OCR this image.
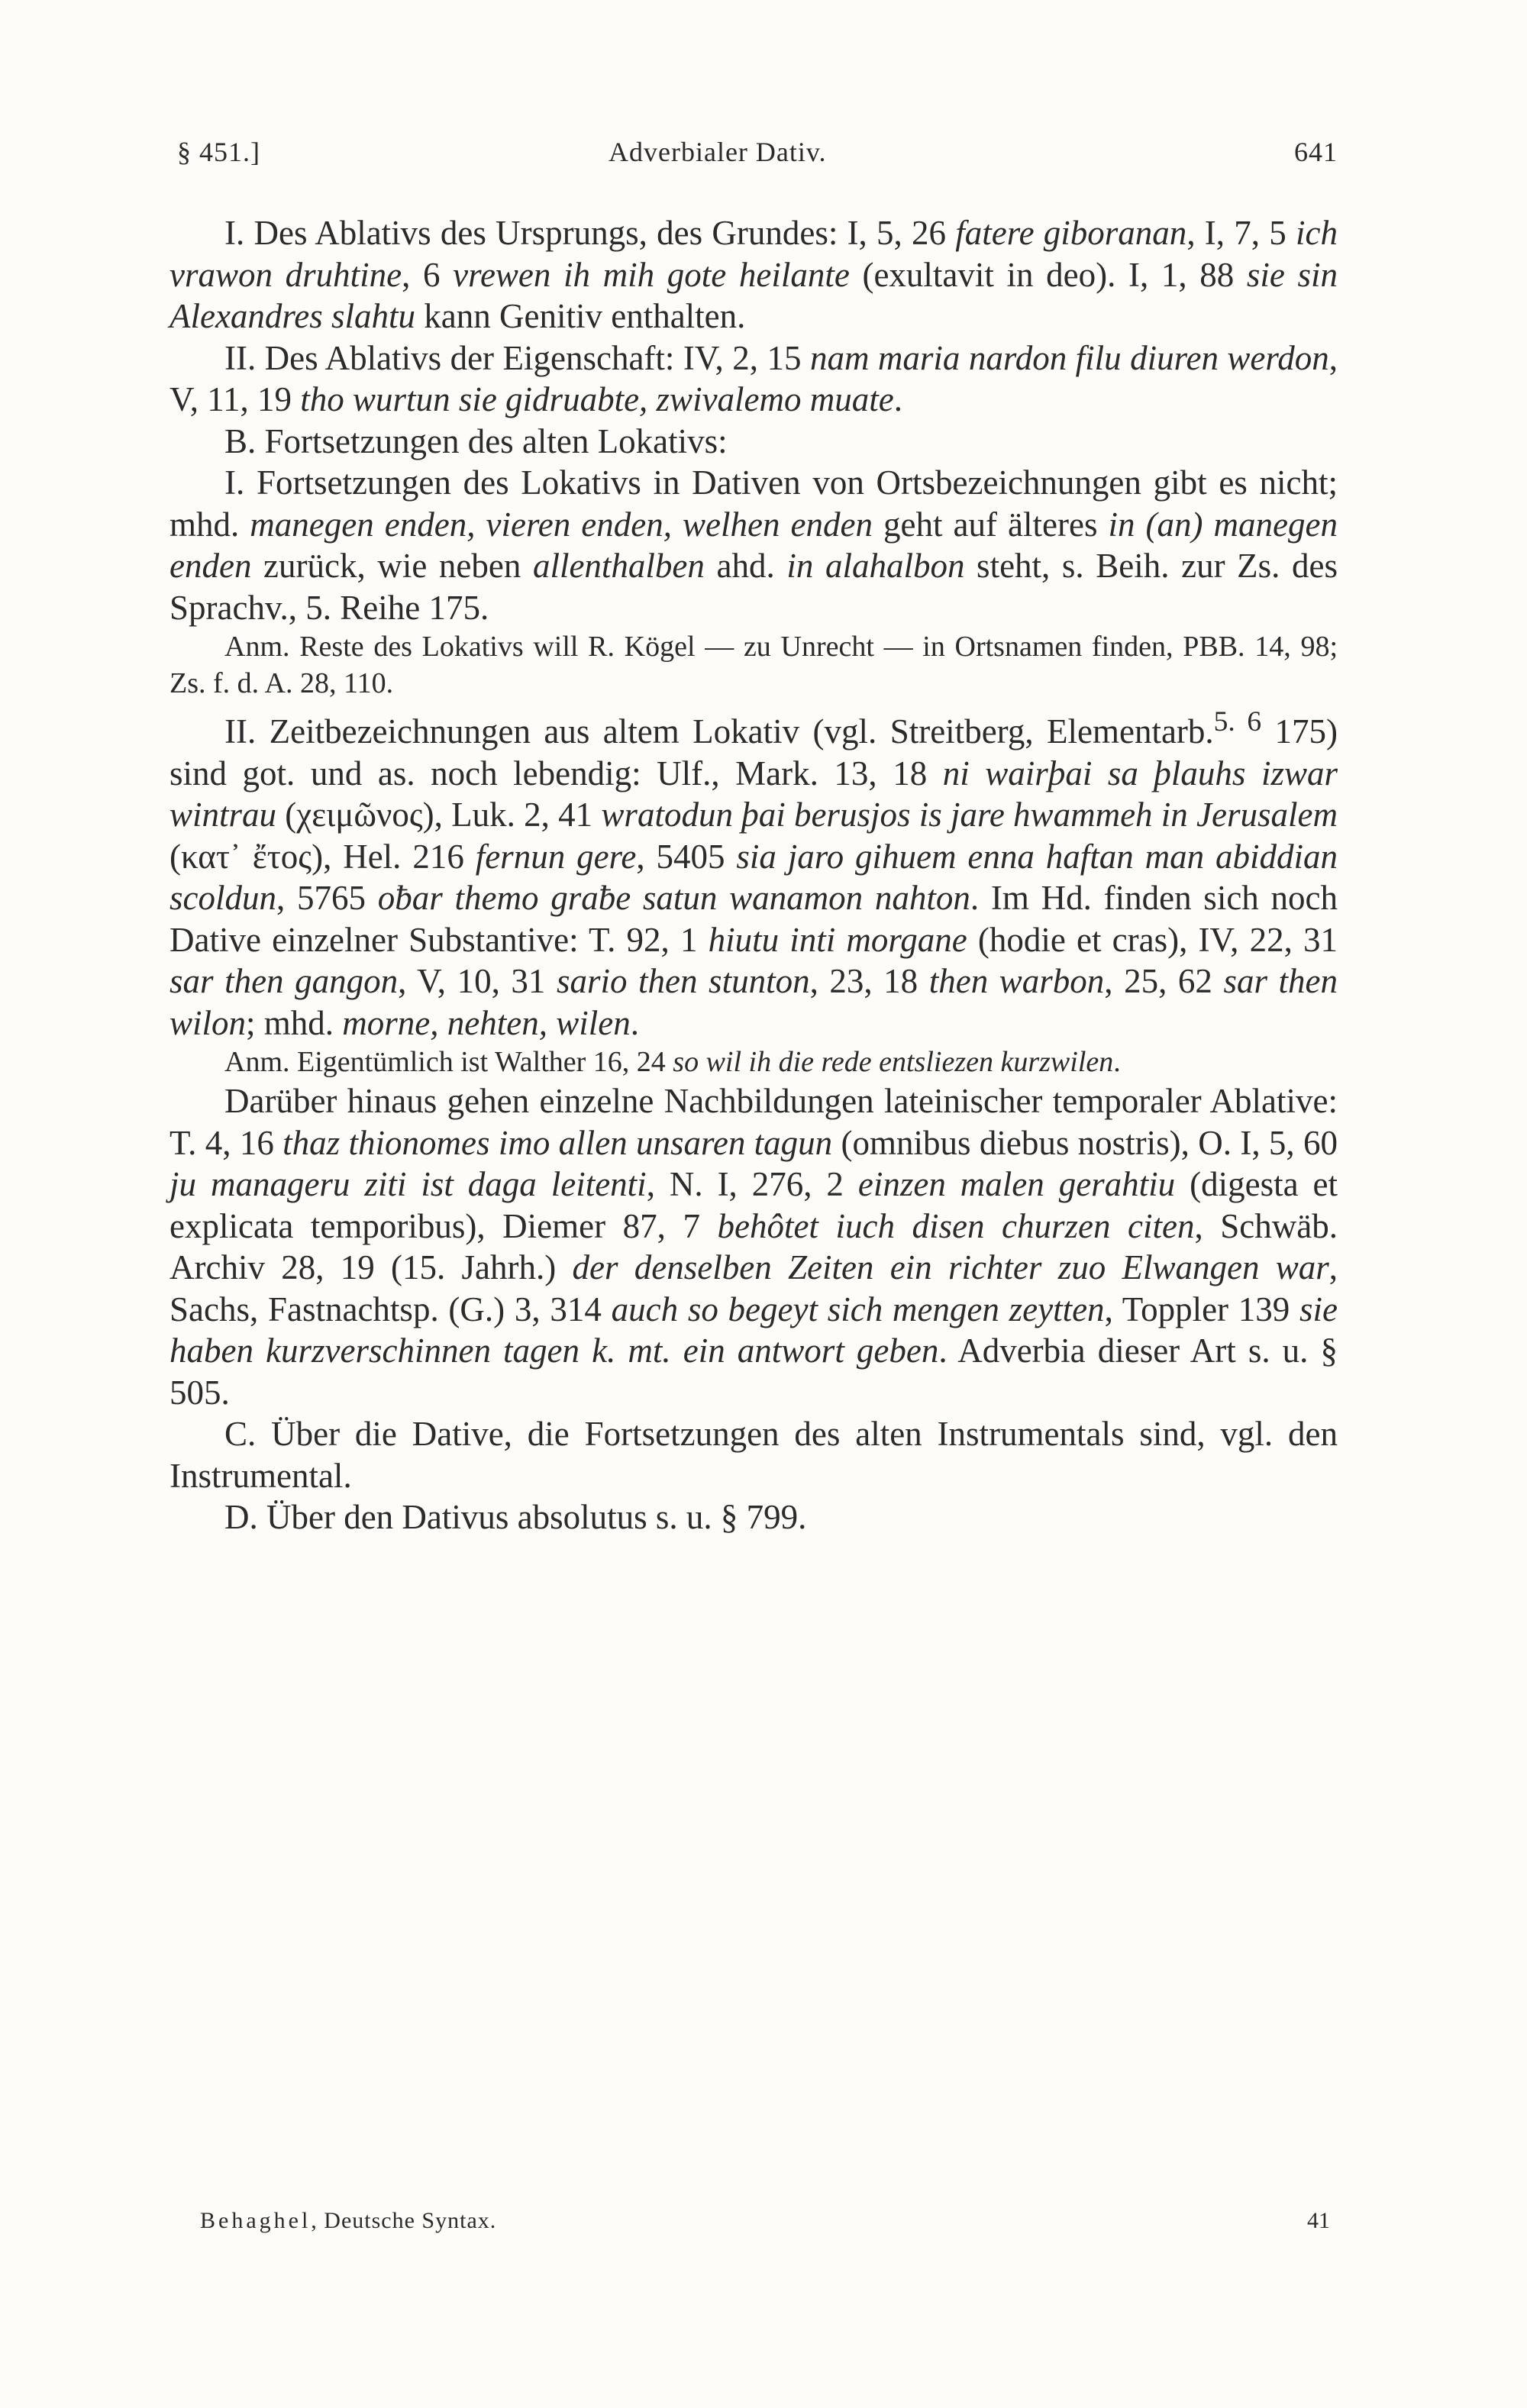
§ 451.]	Adverbialer Dativ.	641

I. Des Ablativs des Ursprungs, des Grundes: I, 5, 26 fatere giboranan, I, 7, 5 ich vrawon druhtine, 6 vrewen ih mih gote heilante (exultavit in deo). I, 1, 88 sie sin Alexandres slahtu kann Genitiv enthalten.

II. Des Ablativs der Eigenschaft: IV, 2, 15 nam maria nardon filu diuren werdon, V, 11, 19 tho wurtun sie gidruabte, zwivalemo muate.

B. Fortsetzungen des alten Lokativs:

I. Fortsetzungen des Lokativs in Dativen von Ortsbezeichnungen gibt es nicht; mhd. manegen enden, vieren enden, welhen enden geht auf älteres in (an) manegen enden zurück, wie neben allenthalben ahd. in alahalbon steht, s. Beih. zur Zs. des Sprachv., 5. Reihe 175.

Anm. Reste des Lokativs will R. Kögel — zu Unrecht — in Ortsnamen finden, PBB. 14, 98; Zs. f. d. A. 28, 110.

II. Zeitbezeichnungen aus altem Lokativ (vgl. Streitberg, Elementarb.$^{5. 6}$ 175) sind got. und as. noch lebendig: Ulf., Mark. 13, 18 ni wairþai sa þlauhs izwar wintrau (χειμῶνος), Luk. 2, 41 wratodun þai berusjos is jare hwammeh in Jerusalem (κατ᾽ ἔτος), Hel. 216 fernun gere, 5405 sia jaro gihuem enna haftan man abiddian scoldun, 5765 oƀar themo graƀe satun wanamon nahton. Im Hd. finden sich noch Dative einzelner Substantive: T. 92, 1 hiutu inti morgane (hodie et cras), IV, 22, 31 sar then gangon, V, 10, 31 sario then stunton, 23, 18 then warbon, 25, 62 sar then wilon; mhd. morne, nehten, wilen.

Anm. Eigentümlich ist Walther 16, 24 so wil ih die rede entsliezen kurzwilen.

Darüber hinaus gehen einzelne Nachbildungen lateinischer temporaler Ablative: T. 4, 16 thaz thionomes imo allen unsaren tagun (omnibus diebus nostris), O. I, 5, 60 ju manageru ziti ist daga leitenti, N. I, 276, 2 einzen malen gerahtiu (digesta et explicata temporibus), Diemer 87, 7 behôtet iuch disen churzen citen, Schwäb. Archiv 28, 19 (15. Jahrh.) der denselben Zeiten ein richter zuo Elwangen war, Sachs, Fastnachtsp. (G.) 3, 314 auch so begeyt sich mengen zeytten, Toppler 139 sie haben kurzverschinnen tagen k. mt. ein antwort geben. Adverbia dieser Art s. u. § 505.

C. Über die Dative, die Fortsetzungen des alten Instrumentals sind, vgl. den Instrumental.

D. Über den Dativus absolutus s. u. § 799.

Behaghel, Deutsche Syntax.	41
